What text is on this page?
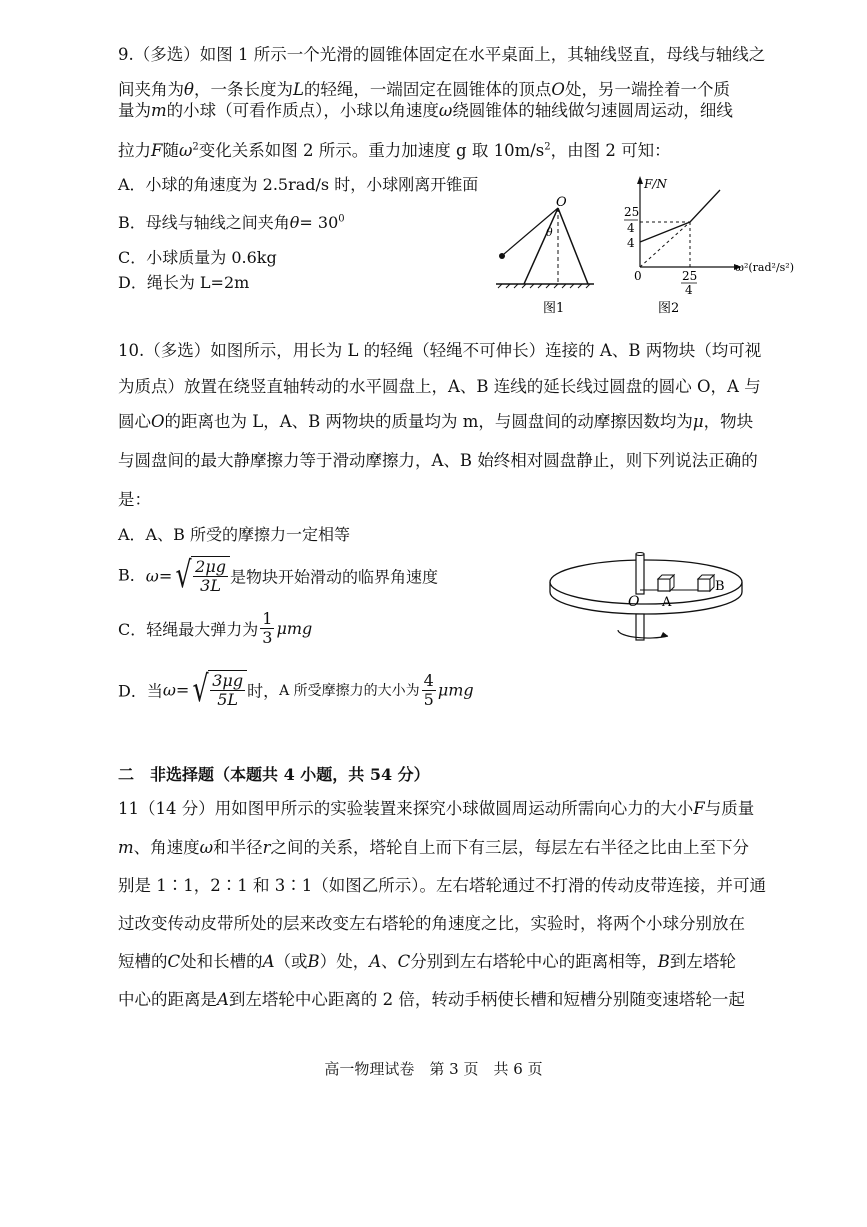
9.（多选）如图 1 所示一个光滑的圆锥体固定在水平桌面上，其轴线竖直，母线与轴线之
间夹角为θ，一条长度为L的轻绳，一端固定在圆锥体的顶点O处，另一端拴着一个质
量为m的小球（可看作质点），小球以角速度ω绕圆锥体的轴线做匀速圆周运动，细线
拉力F随$\omega^2$变化关系如图 2 所示。重力加速度 g 取 $10m/s^2$，由图 2 可知：
A．小球的角速度为 2.5rad/s 时，小球刚离开锥面
B．母线与轴线之间夹角$\theta= 30^0$
C．小球质量为 0.6kg
D．绳长为 L=2m
O
θ
图1
F/N
25
4
4
0	25
4
ω²(rad²/s²)
图2
10.（多选）如图所示，用长为 L 的轻绳（轻绳不可伸长）连接的 A、B 两物块（均可视
为质点）放置在绕竖直轴转动的水平圆盘上，A、B 连线的延长线过圆盘的圆心 O，A 与
圆心O的距离也为 L，A、B 两物块的质量均为 m，与圆盘间的动摩擦因数均为μ，物块
与圆盘间的最大静摩擦力等于滑动摩擦力，A、B 始终相对圆盘静止，则下列说法正确的
是：
A．A、B 所受的摩擦力一定相等
B．ω= √ $\frac{2\mu g}{3L}$ 是物块开始滑动的临界角速度
C．轻绳最大弹力为 $\frac{1}{3}$ μmg
D．当ω= √ $\frac{3\mu g}{5L}$ 时，A 所受摩擦力的大小为 $\frac{4}{5}$ μmg
O A
B
二　非选择题（本题共 4 小题，共 54 分）
11（14 分）用如图甲所示的实验装置来探究小球做圆周运动所需向心力的大小F与质量
m、角速度ω和半径r之间的关系，塔轮自上而下有三层，每层左右半径之比由上至下分
别是 1∶1，2∶1 和 3∶1（如图乙所示）。左右塔轮通过不打滑的传动皮带连接，并可通
过改变传动皮带所处的层来改变左右塔轮的角速度之比，实验时，将两个小球分别放在
短槽的C处和长槽的A（或B）处，A、C分别到左右塔轮中心的距离相等，B到左塔轮
中心的距离是A到左塔轮中心距离的 2 倍，转动手柄使长槽和短槽分别随变速塔轮一起
高一物理试卷　第 3 页　共 6 页
